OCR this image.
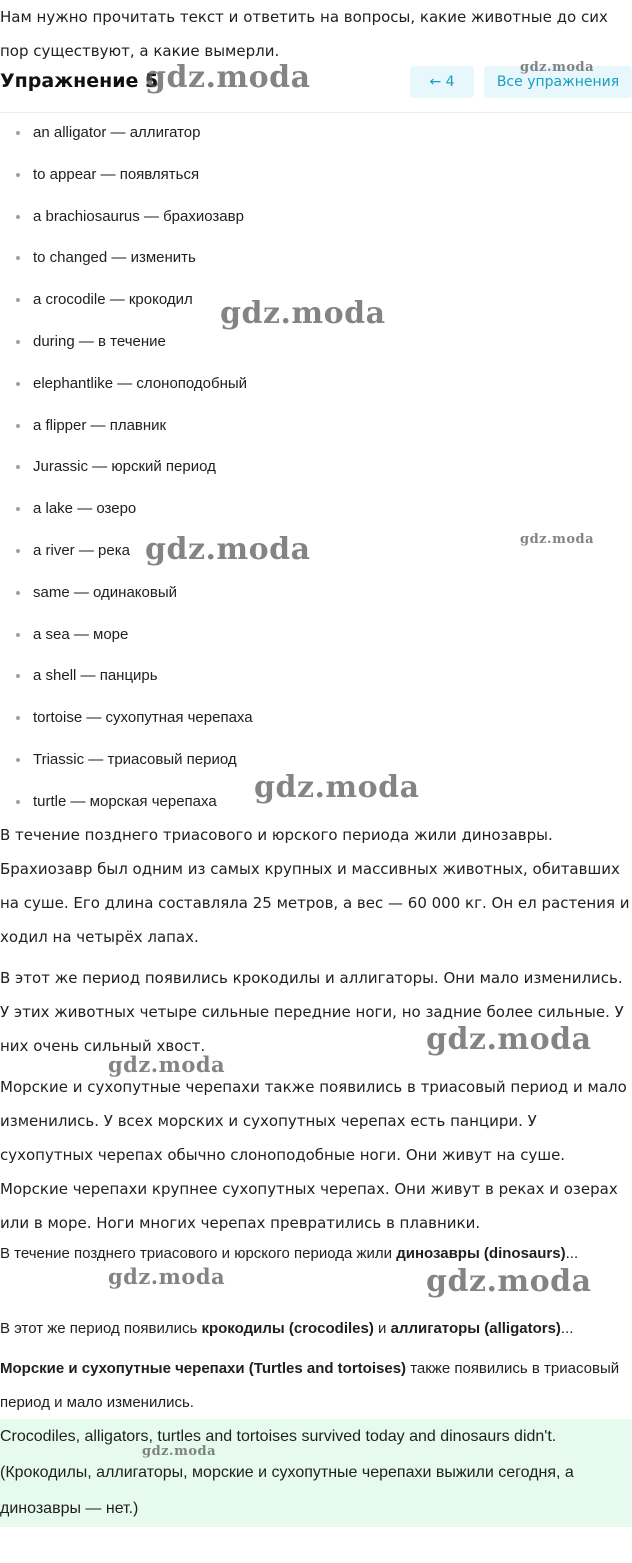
Нам нужно прочитать текст и ответить на вопросы, какие животные до сих пор существуют, а какие вымерли.

Упражнение 5	← 4	Все упражнения
an alligator — аллигатор
to appear — появляться
a brachiosaurus — брахиозавр
to changed — изменить
a crocodile — крокодил
during — в течение
elephantlike — слоноподобный
a flipper — плавник
Jurassic — юрский период
a lake — озеро
a river — река
same — одинаковый
a sea — море
a shell — панцирь
tortoise — сухопутная черепаха
Triassic — триасовый период
turtle — морская черепаха

В течение позднего триасового и юрского периода жили динозавры. Брахиозавр был одним из самых крупных и массивных животных, обитавших на суше. Его длина составляла 25 метров, а вес — 60 000 кг. Он ел растения и ходил на четырёх лапах.

В этот же период появились крокодилы и аллигаторы. Они мало изменились. У этих животных четыре сильные передние ноги, но задние более сильные. У них очень сильный хвост.

Морские и сухопутные черепахи также появились в триасовый период и мало изменились. У всех морских и сухопутных черепах есть панцири. У сухопутных черепах обычно слоноподобные ноги. Они живут на суше. Морские черепахи крупнее сухопутных черепах. Они живут в реках и озерах или в море. Ноги многих черепах превратились в плавники.

В течение позднего триасового и юрского периода жили динозавры (dinosaurs)...

В этот же период появились крокодилы (crocodiles) и аллигаторы (alligators)...

Морские и сухопутные черепахи (Turtles and tortoises) также появились в триасовый период и мало изменились.

Crocodiles, alligators, turtles and tortoises survived today and dinosaurs didn't. (Крокодилы, аллигаторы, морские и сухопутные черепахи выжили сегодня, а динозавры — нет.)

gdz.moda
gdz.moda
gdz.moda
gdz.moda	gdz.moda
gdz.moda
gdz.moda
gdz.moda
gdz.moda	gdz.moda
gdz.moda
